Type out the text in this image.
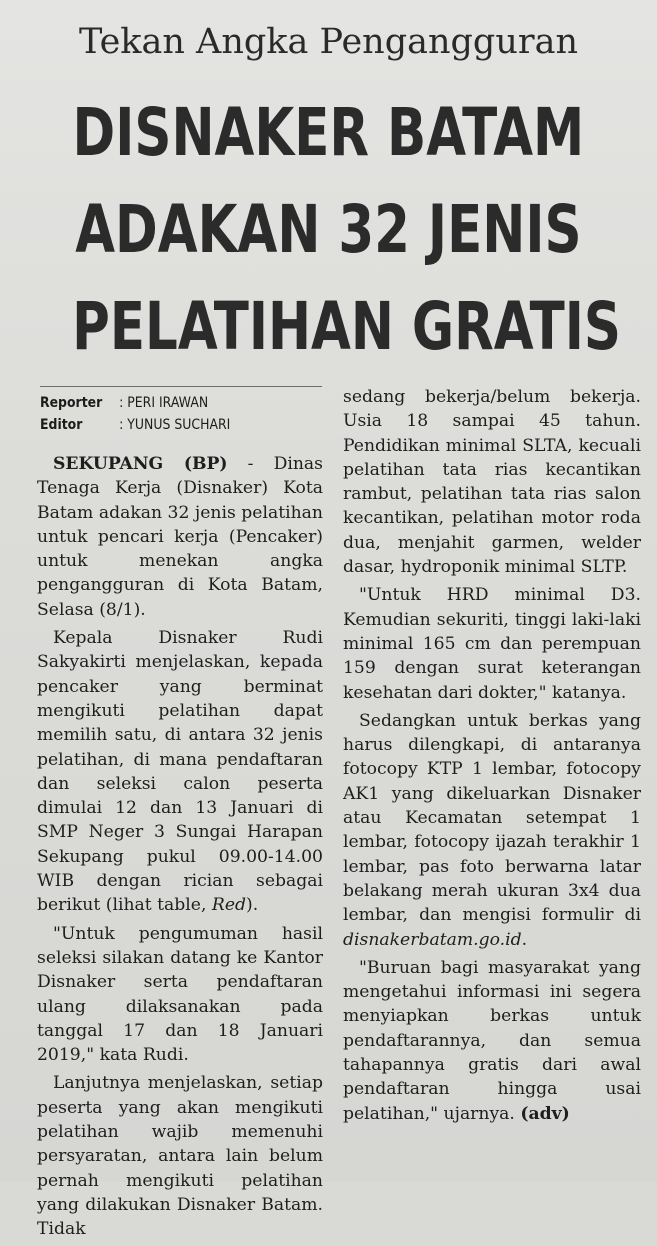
Tekan Angka Pengangguran
DISNAKER BATAM
ADAKAN 32 JENIS
PELATIHAN GRATIS
Reporter : PERI IRAWAN
Editor	: YUNUS SUCHARI

SEKUPANG (BP) - Dinas Tenaga Kerja (Disnaker) Kota Batam adakan 32 jenis pelatihan untuk pencari kerja (Pencaker) untuk menekan angka pengangguran di Kota Batam, Selasa (8/1).

Kepala Disnaker Rudi Sakyakirti menjelaskan, kepada pencaker yang berminat mengikuti pelatihan dapat memilih satu, di antara 32 jenis pelatihan, di mana pendaftaran dan seleksi calon peserta dimulai 12 dan 13 Januari di SMP Neger 3 Sungai Harapan Sekupang pukul 09.00-14.00 WIB dengan rician sebagai berikut (lihat table, Red).

"Untuk pengumuman hasil seleksi silakan datang ke Kantor Disnaker serta pendaftaran ulang dilaksanakan pada tanggal 17 dan 18 Januari 2019," kata Rudi.

Lanjutnya menjelaskan, setiap peserta yang akan mengikuti pelatihan wajib memenuhi persyaratan, antara lain belum pernah mengikuti pelatihan yang dilakukan Disnaker Batam. Tidak

sedang bekerja/belum bekerja. Usia 18 sampai 45 tahun. Pendidikan minimal SLTA, kecuali pelatihan tata rias kecantikan rambut, pelatihan tata rias salon kecantikan, pelatihan motor roda dua, menjahit garmen, welder dasar, hydroponik minimal SLTP.

"Untuk HRD minimal D3. Kemudian sekuriti, tinggi laki-laki minimal 165 cm dan perempuan 159 dengan surat keterangan kesehatan dari dokter," katanya.

Sedangkan untuk berkas yang harus dilengkapi, di antaranya fotocopy KTP 1 lembar, fotocopy AK1 yang dikeluarkan Disnaker atau Kecamatan setempat 1 lembar, fotocopy ijazah terakhir 1 lembar, pas foto berwarna latar belakang merah ukuran 3x4 dua lembar, dan mengisi formulir di disnakerbatam.go.id.

"Buruan bagi masyarakat yang mengetahui informasi ini segera menyiapkan berkas untuk pendaftarannya, dan semua tahapannya gratis dari awal pendaftaran hingga usai pelatihan," ujarnya. (adv)
